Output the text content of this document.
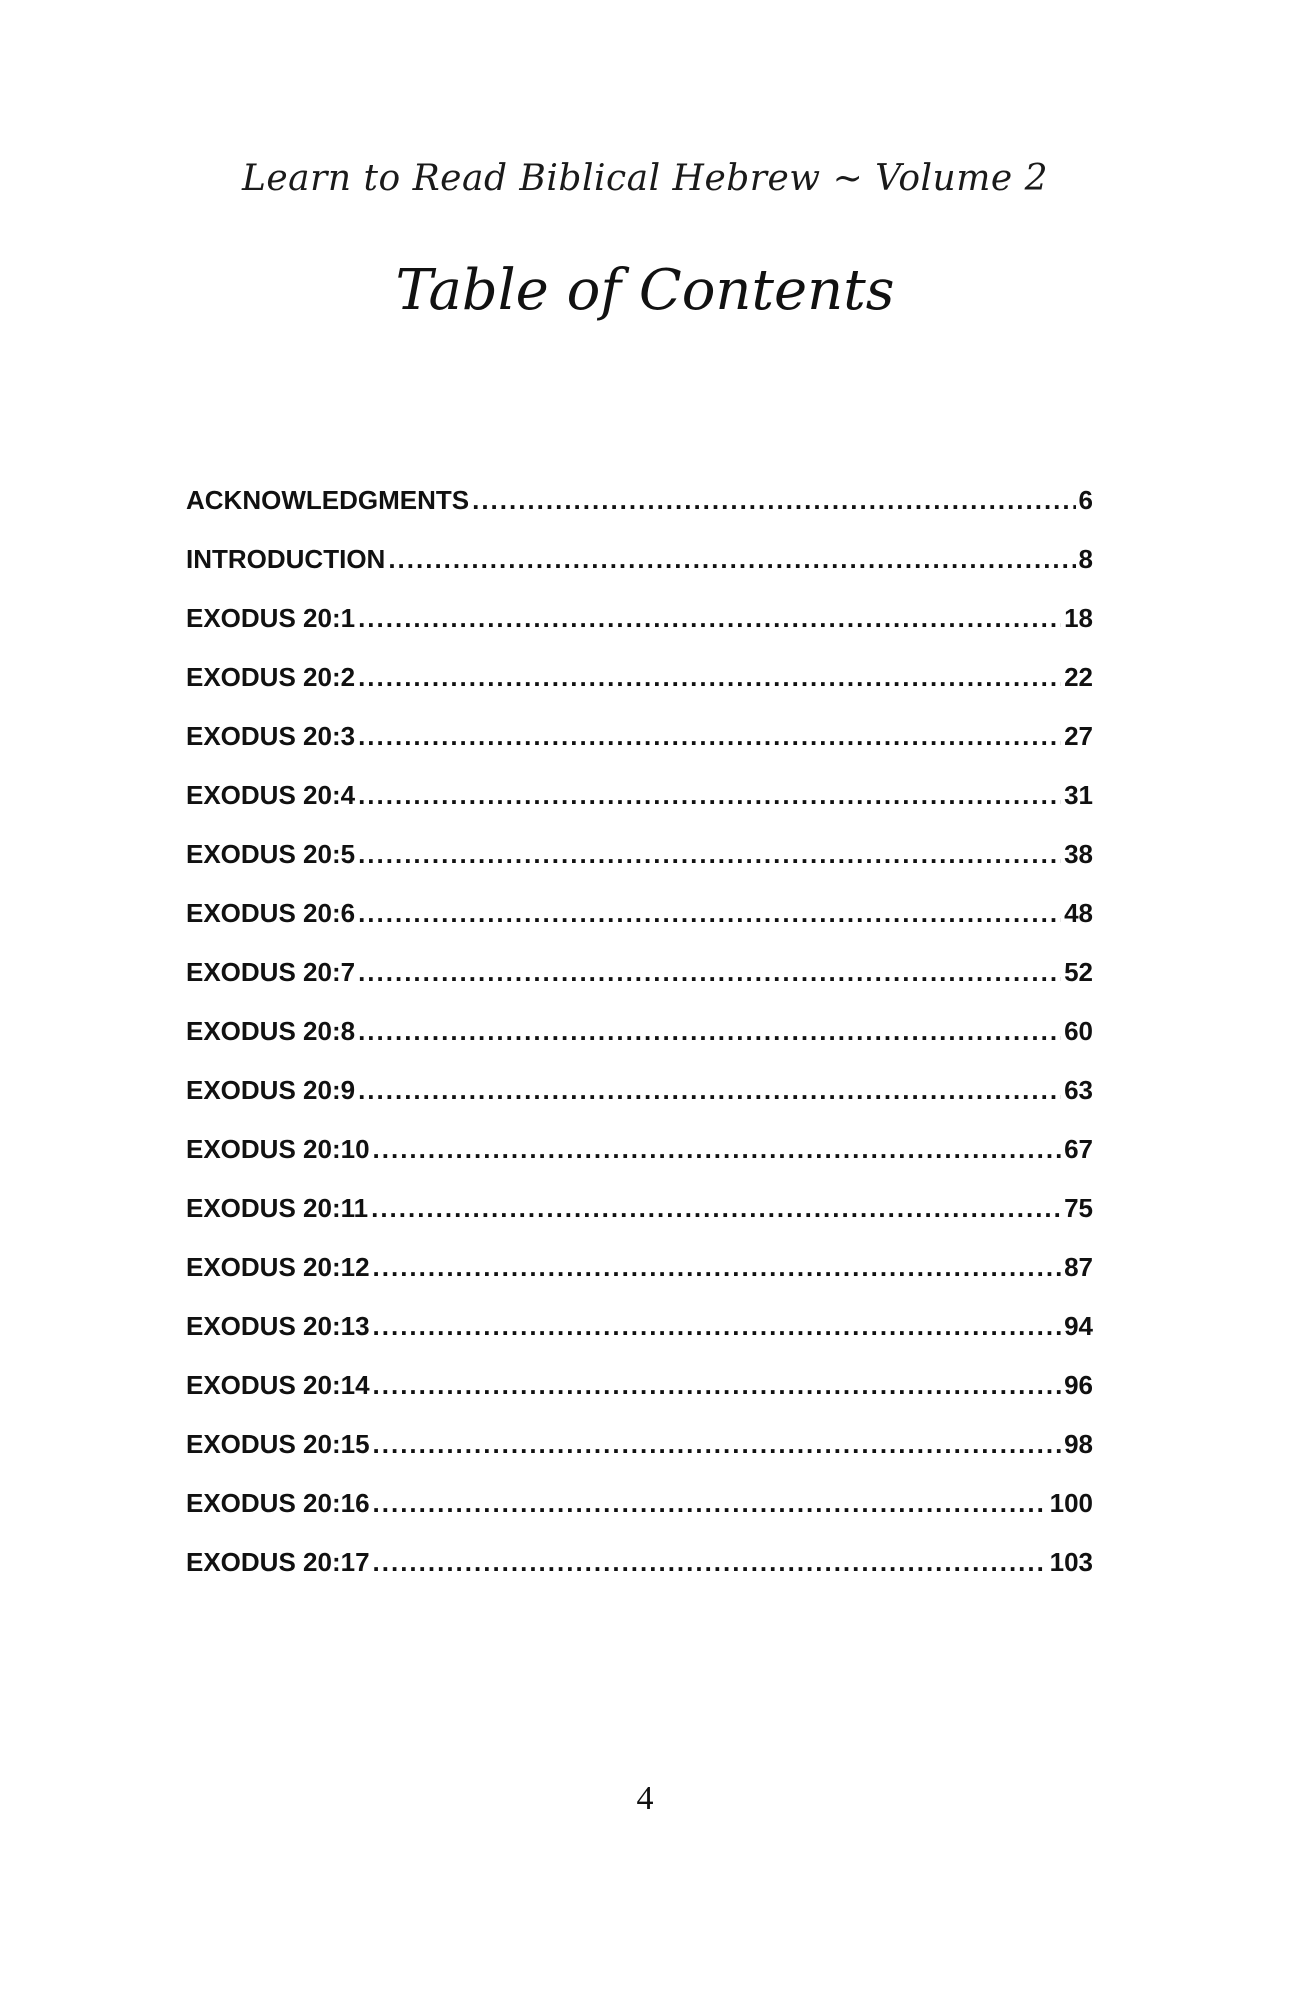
Learn to Read Biblical Hebrew ~ Volume 2
Table of Contents
ACKNOWLEDGMENTS .....	6
INTRODUCTION .....	8
EXODUS 20:1 .....	18
EXODUS 20:2 .....	22
EXODUS 20:3 .....	27
EXODUS 20:4 .....	31
EXODUS 20:5 .....	38
EXODUS 20:6 .....	48
EXODUS 20:7 .....	52
EXODUS 20:8 .....	60
EXODUS 20:9 .....	63
EXODUS 20:10 .....	67
EXODUS 20:11 .....	75
EXODUS 20:12 .....	87
EXODUS 20:13 .....	94
EXODUS 20:14 .....	96
EXODUS 20:15 .....	98
EXODUS 20:16 .....	100
EXODUS 20:17 .....	103
4
